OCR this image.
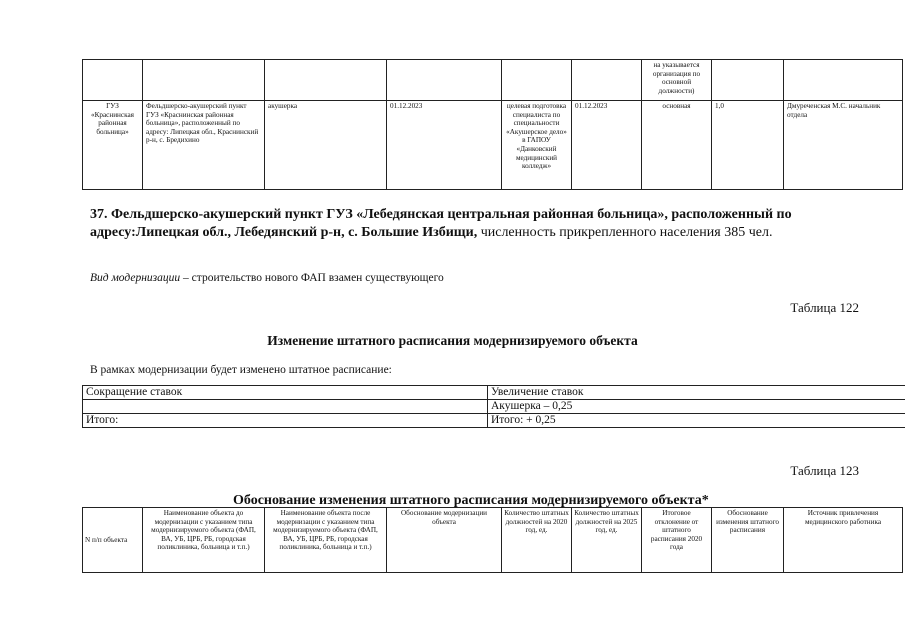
						на указывается организация по основной должности)		
ГУЗ «Краснинская районная больница»	Фельдшерско-акушерский пункт ГУЗ «Краснинская районная больница», расположенный по адресу: Липецкая обл., Краснинский р-н, с. Бредихино	акушерка	01.12.2023	целевая подготовка специалиста по специальности «Акушерское дело» в ГАПОУ «Данковский медицинский колледж»	01.12.2023	основная	1,0	Дмуреченская М.С. начальник отдела
37. Фельдшерско-акушерский пункт ГУЗ «Лебедянская центральная районная больница», расположенный по адресу:Липецкая обл., Лебедянский р-н, с. Большие Избищи, численность прикрепленного населения 385 чел.
Вид модернизации – строительство нового ФАП взамен существующего
Таблица 122
Изменение штатного расписания модернизируемого объекта
В рамках модернизации будет изменено штатное расписание:
Сокращение ставок	Увеличение ставок
	Акушерка – 0,25
Итого:	Итого: + 0,25
Таблица 123
Обоснование изменения штатного расписания модернизируемого объекта*
N п/п объекта	Наименование объекта до модернизации с указанием типа модернизируемого объекта (ФАП, ВА, УБ, ЦРБ, РБ, городская поликлиника, больница и т.п.)	Наименование объекта после модернизации с указанием типа модернизируемого объекта (ФАП, ВА, УБ, ЦРБ, РБ, городская поликлиника, больница и т.п.)	Обоснование модернизации объекта	Количество штатных должностей на 2020 год, ед.	Количество штатных должностей на 2025 год, ед.	Итоговое отклонение от штатного расписания 2020 года	Обоснование изменения штатного расписания	Источник привлечения медицинского работника
